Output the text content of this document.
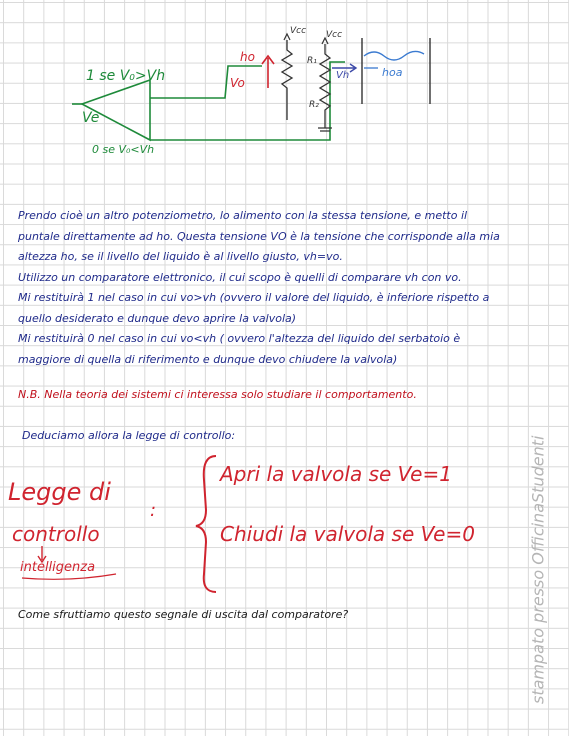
1 se V₀>Vh
0 se V₀<Vh
Ve
Vo
ho
Vcc Vcc
R₁
R₂
Vh	hoa
Prendo cioè un altro potenziometro, lo alimento con la stessa tensione, e metto il
puntale direttamente ad ho. Questa tensione VO è la tensione che corrisponde alla mia
altezza ho, se il livello del liquido è al livello giusto, vh=vo.
Utilizzo un comparatore elettronico, il cui scopo è quelli di comparare vh con vo.
Mi restituirà 1 nel caso in cui vo>vh (ovvero il valore del liquido, è inferiore rispetto a
quello desiderato e dunque devo aprire la valvola)
Mi restituirà 0 nel caso in cui vo<vh ( ovvero l'altezza del liquido del serbatoio è
maggiore di quella di riferimento e dunque devo chiudere la valvola)
N.B. Nella teoria dei sistemi ci interessa solo studiare il comportamento.
Deduciamo allora la legge di controllo:
Legge di
controllo
intelligenza
:
Apri la valvola se Ve=1
Chiudi la valvola se Ve=0
Come sfruttiamo questo segnale di uscita dal comparatore?	stampato presso OfficinaStudenti
